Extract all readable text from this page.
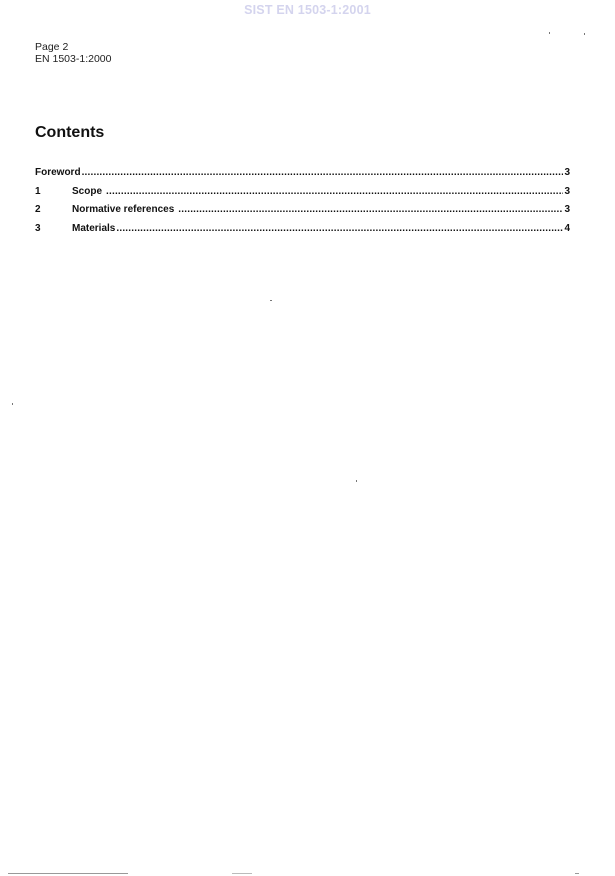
SIST EN 1503-1:2001
Page 2
EN 1503-1:2000
Contents
Foreword .....	3
1	Scope .....	3
2	Normative references .....	3
3	Materials .....	4
